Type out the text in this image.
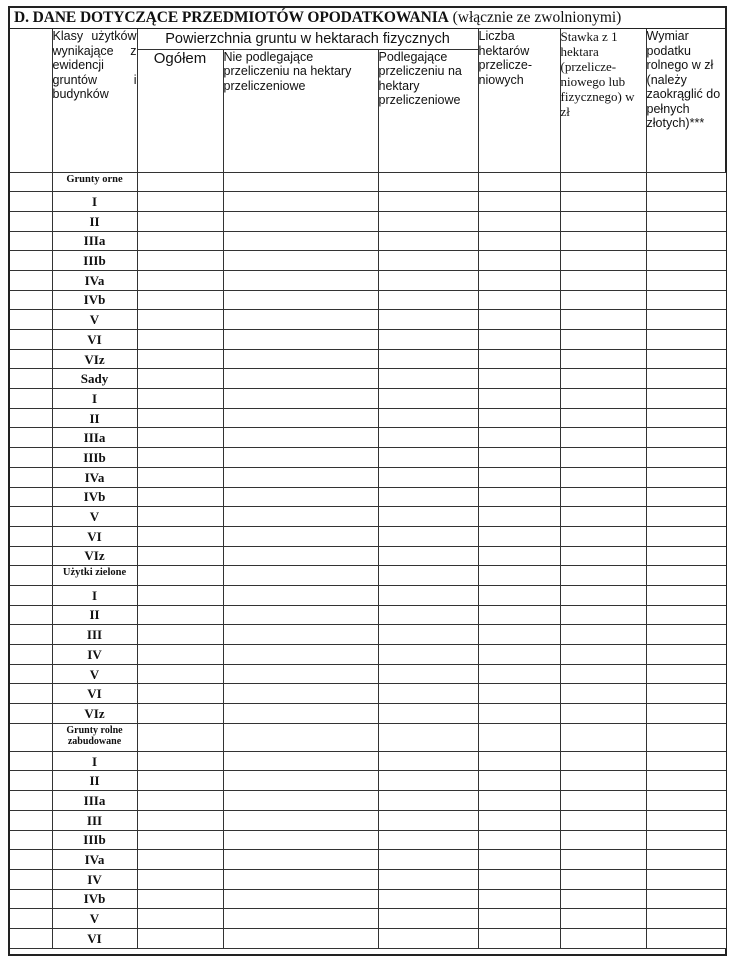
D. DANE DOTYCZĄCE PRZEDMIOTÓW OPODATKOWANIA (włącznie ze zwolnionymi)
	Klasy użytków wynikające z ewidencji gruntów i budynków	Powierzchnia gruntu w hektarach fizycznych			Liczba hektarów przelicze-niowych	Stawka z 1 hektara (przelicze-niowego lub fizycznego) w zł	Wymiar podatku rolnego w zł (należy zaokrąglić do pełnych złotych)***
		Ogółem	Nie podlegające przeliczeniu na hektary przeliczeniowe	Podlegające przeliczeniu na hektary przeliczeniowe			
	Grunty orne						
	I						
	II						
	IIIa						
	IIIb						
	IVa						
	IVb						
	V						
	VI						
	VIz						
	Sady						
	I						
	II						
	IIIa						
	IIIb						
	IVa						
	IVb						
	V						
	VI						
	VIz						
	Użytki zielone						
	I						
	II						
	III						
	IV						
	V						
	VI						
	VIz						
	Grunty rolne zabudowane						
	I						
	II						
	IIIa						
	III						
	IIIb						
	IVa						
	IV						
	IVb						
	V						
	VI						
